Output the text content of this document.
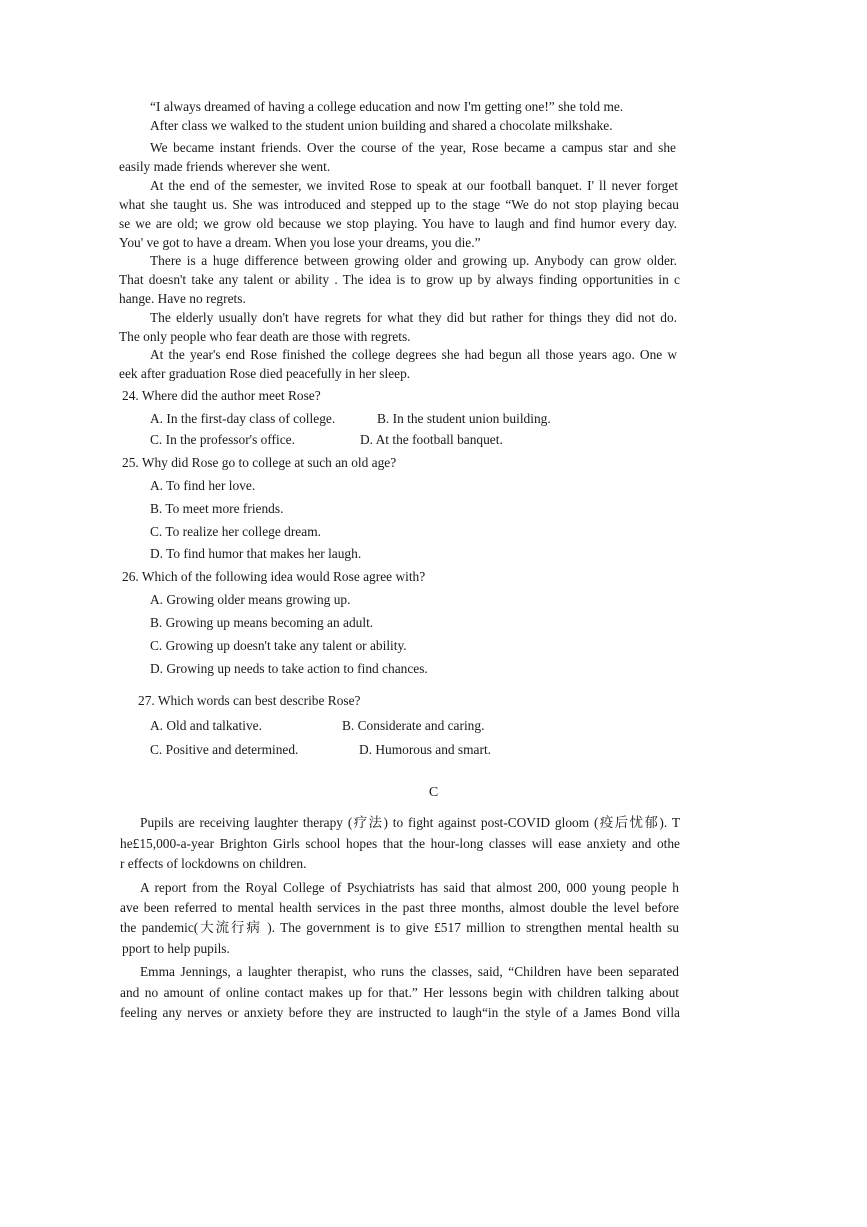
“I always dreamed of having a college education and now I'm getting one!” she told me.
After class we walked to the student union building and shared a chocolate milkshake.
We became instant friends. Over the course of the year, Rose became a campus star and she
easily made friends wherever she went.
At the end of the semester, we invited Rose to speak at our football banquet. I' ll never forget
what she taught us. She was introduced and stepped up to the stage “We do not stop playing becau
se we are old; we grow old because we stop playing. You have to laugh and find humor every day.
You' ve got to have a dream. When you lose your dreams, you die.”
There is a huge difference between growing older and growing up. Anybody can grow older.
That doesn't take any talent or ability . The idea is to grow up by always finding opportunities in c
hange. Have no regrets.
The elderly usually don't have regrets for what they did but rather for things they did not do.
The only people who fear death are those with regrets.
At the year's end Rose finished the college degrees she had begun all those years ago. One w
eek after graduation Rose died peacefully in her sleep.
24. Where did the author meet Rose?
A. In the first-day class of college.	B. In the student union building.
C. In the professor's office.	D. At the football banquet.
25. Why did Rose go to college at such an old age?
A. To find her love.
B. To meet more friends.
C. To realize her college dream.
D. To find humor that makes her laugh.
26. Which of the following idea would Rose agree with?
A. Growing older means growing up.
B. Growing up means becoming an adult.
C. Growing up doesn't take any talent or ability.
D. Growing up needs to take action to find chances.
27. Which words can best describe Rose?
A. Old and talkative.	B. Considerate and caring.
C. Positive and determined.	D. Humorous and smart.
C
Pupils are receiving laughter therapy (疗法) to fight against post-COVID gloom (疫后忧郁). T
he£15,000-a-year Brighton Girls school hopes that the hour-long classes will ease anxiety and othe
r effects of lockdowns on children.
A report from the Royal College of Psychiatrists has said that almost 200, 000 young people h
ave been referred to mental health services in the past three months, almost double the level before
the pandemic(大流行病 ). The government is to give £517 million to strengthen mental health su
pport to help pupils.
Emma Jennings, a laughter therapist, who runs the classes, said, “Children have been separated
and no amount of online contact makes up for that.” Her lessons begin with children talking about
feeling any nerves or anxiety before they are instructed to laugh“in the style of a James Bond villa
